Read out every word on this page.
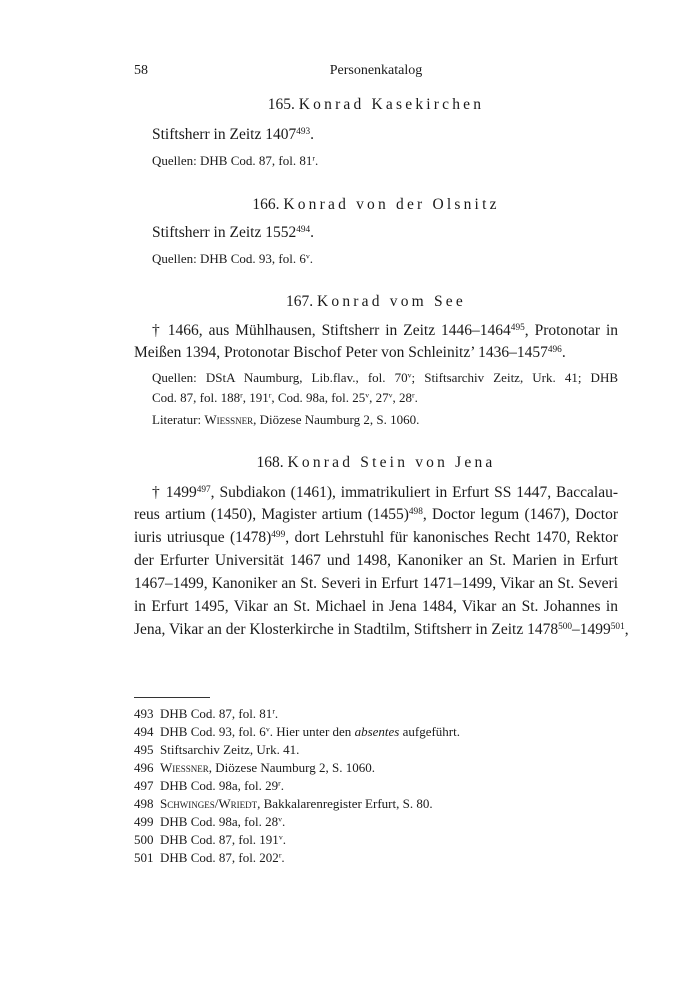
58	Personenkatalog
165. Konrad Kasekirchen
Stiftsherr in Zeitz 1407$^{493}$.
Quellen: DHB Cod. 87, fol. 81$^r$.
166. Konrad von der Olsnitz
Stiftsherr in Zeitz 1552$^{494}$.
Quellen: DHB Cod. 93, fol. 6$^v$.
167. Konrad vom See
† 1466, aus Mühlhausen, Stiftsherr in Zeitz 1446–1464$^{495}$, Protonotar in
Meißen 1394, Protonotar Bischof Peter von Schleinitz’ 1436–1457$^{496}$.
Quellen: DStA Naumburg, Lib.flav., fol. 70$^v$; Stiftsarchiv Zeitz, Urk. 41; DHB
Cod. 87, fol. 188$^r$, 191$^r$, Cod. 98a, fol. 25$^v$, 27$^v$, 28$^r$.
Literatur: Wiessner, Diözese Naumburg 2, S. 1060.
168. Konrad Stein von Jena
† 1499$^{497}$, Subdiakon (1461), immatrikuliert in Erfurt SS 1447, Baccalau-
reus artium (1450), Magister artium $(1455)^{498}$, Doctor legum (1467), Doctor
iuris utriusque $(1478)^{499}$, dort Lehrstuhl für kanonisches Recht 1470, Rektor
der Erfurter Universität 1467 und 1498, Kanoniker an St. Marien in Erfurt
1467–1499, Kanoniker an St. Severi in Erfurt 1471–1499, Vikar an St. Severi
in Erfurt 1495, Vikar an St. Michael in Jena 1484, Vikar an St. Johannes in
Jena, Vikar an der Klosterkirche in Stadtilm, Stiftsherr in Zeitz 1478$^{500}$–1499$^{501}$,
493 DHB Cod. 87, fol. 81$^r$.
494 DHB Cod. 93, fol. 6$^v$. Hier unter den absentes aufgeführt.
495 Stiftsarchiv Zeitz, Urk. 41.
496 Wiessner, Diözese Naumburg 2, S. 1060.
497 DHB Cod. 98a, fol. 29$^r$.
498 Schwinges/Wriedt, Bakkalarenregister Erfurt, S. 80.
499 DHB Cod. 98a, fol. 28$^v$.
500 DHB Cod. 87, fol. 191$^v$.
501 DHB Cod. 87, fol. 202$^r$.
